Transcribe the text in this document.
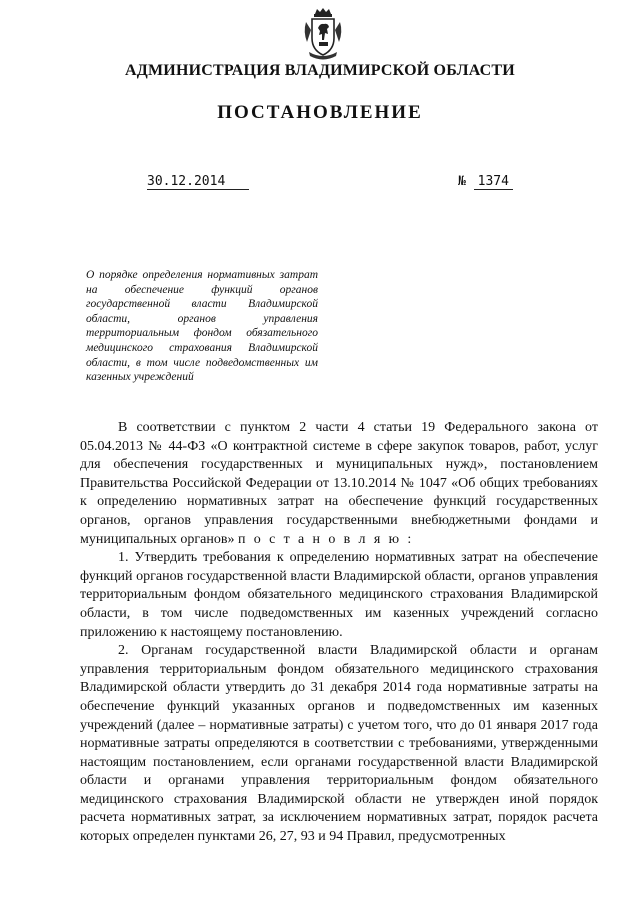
АДМИНИСТРАЦИЯ ВЛАДИМИРСКОЙ ОБЛАСТИ
ПОСТАНОВЛЕНИЕ
30.12.2014	№ 1374
О порядке определения нормативных затрат на обеспечение функций органов государственной власти Владимирской области, органов управления территориальным фондом обязательного медицинского страхования Владимирской области, в том числе подведомственных им казенных учреждений

В соответствии с пунктом 2 части 4 статьи 19 Федерального закона от 05.04.2013 № 44-ФЗ «О контрактной системе в сфере закупок товаров, работ, услуг для обеспечения государственных и муниципальных нужд», постановлением Правительства Российской Федерации от 13.10.2014 № 1047 «Об общих требованиях к определению нормативных затрат на обеспечение функций государственных органов, органов управления государственными внебюджетными фондами и муниципальных органов» п о с т а н о в л я ю :

1. Утвердить требования к определению нормативных затрат на обеспечение функций органов государственной власти Владимирской области, органов управления территориальным фондом обязательного медицинского страхования Владимирской области, в том числе подведомственных им казенных учреждений согласно приложению к настоящему постановлению.

2. Органам государственной власти Владимирской области и органам управления территориальным фондом обязательного медицинского страхования Владимирской области утвердить до 31 декабря 2014 года нормативные затраты на обеспечение функций указанных органов и подведомственных им казенных учреждений (далее – нормативные затраты) с учетом того, что до 01 января 2017 года нормативные затраты определяются в соответствии с требованиями, утвержденными настоящим постановлением, если органами государственной власти Владимирской области и органами управления территориальным фондом обязательного медицинского страхования Владимирской области не утвержден иной порядок расчета нормативных затрат, за исключением нормативных затрат, порядок расчета которых определен пунктами 26, 27, 93 и 94 Правил, предусмотренных
